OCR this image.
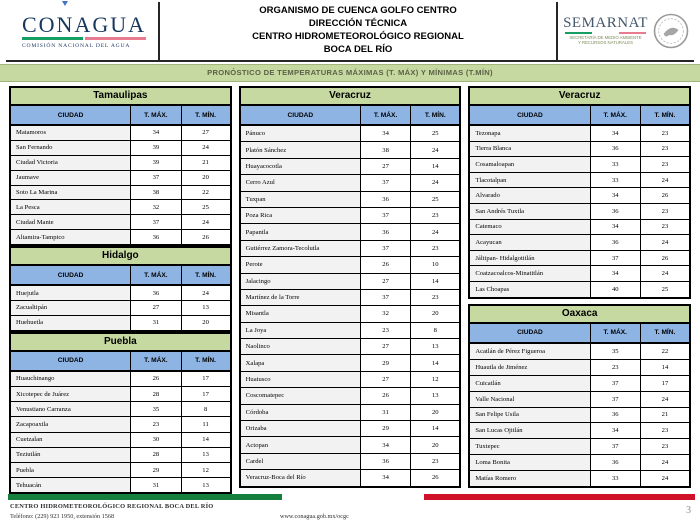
CONAGUA
COMISIÓN NACIONAL DEL AGUA
ORGANISMO DE CUENCA GOLFO CENTRO
DIRECCIÓN TÉCNICA
CENTRO HIDROMETEOROLÓGICO REGIONAL
BOCA DEL RÍO
SEMARNAT
SECRETARÍA DE MEDIO AMBIENTE
Y RECURSOS NATURALES
PRONÓSTICO DE TEMPERATURAS MÁXIMAS (T. MÁX) Y MÍNIMAS (T.MÍN)
Tamaulipas
CIUDAD	T. MÁX.	T. MÍN.
Matamoros	34	27
San Fernando	39	24
Ciudad Victoria	39	21
Jaumave	37	20
Soto La Marina	38	22
La Pesca	32	25
Ciudad Mante	37	24
Altamira-Tampico	36	26
Hidalgo
CIUDAD	T. MÁX.	T. MÍN.
Huejutla	36	24
Zacualtipán	27	13
Huehuetla	31	20
Puebla
CIUDAD	T. MÁX.	T. MÍN.
Huauchinango	26	17
Xicotepec de Juárez	28	17
Venustiano Carranza	35	8
Zacapoaxtla	23	11
Cuetzalan	30	14
Teziutlán	28	13
Puebla	29	12
Tehuacán	31	13
Veracruz
CIUDAD	T. MÁX.	T. MÍN.
Pánuco	34	25
Platón Sánchez	38	24
Huayacocotla	27	14
Cerro Azul	37	24
Tuxpan	36	25
Poza Rica	37	23
Papantla	36	24
Gutiérrez Zamora-Tecolutla	37	23
Perote	26	10
Jalacingo	27	14
Martínez de la Torre	37	23
Misantla	32	20
La Joya	23	8
Naolinco	27	13
Xalapa	29	14
Huatusco	27	12
Coscomatepec	26	13
Córdoba	31	20
Orizaba	29	14
Actopan	34	20
Cardel	36	23
Veracruz-Boca del Río	34	26
Veracruz
CIUDAD	T. MÁX.	T. MÍN.
Tezonapa	34	23
Tierra Blanca	36	23
Cosamaloapan	33	23
Tlacotalpan	33	24
Alvarado	34	26
San Andrés Tuxtla	36	23
Catemaco	34	23
Acayucan	36	24
Jáltipan- Hidalgotitlán	37	26
Coatzacoalcos-Minatitlán	34	24
Las Choapas	40	25
Oaxaca
CIUDAD	T. MÁX.	T. MÍN.
Acatlán de Pérez Figueroa	35	22
Huautla de Jiménez	23	14
Cuicatlán	37	17
Valle Nacional	37	24
San Felipe Usila	36	21
San Lucas Ojitlán	34	23
Tuxtepec	37	23
Loma Bonita	36	24
Matías Romero	33	24
CENTRO HIDROMETEOROLÓGICO REGIONAL BOCA DEL RÍO
Teléfono: (229) 923 1950, extensión 1568	www.conagua.gob.mx/ocgc
3
